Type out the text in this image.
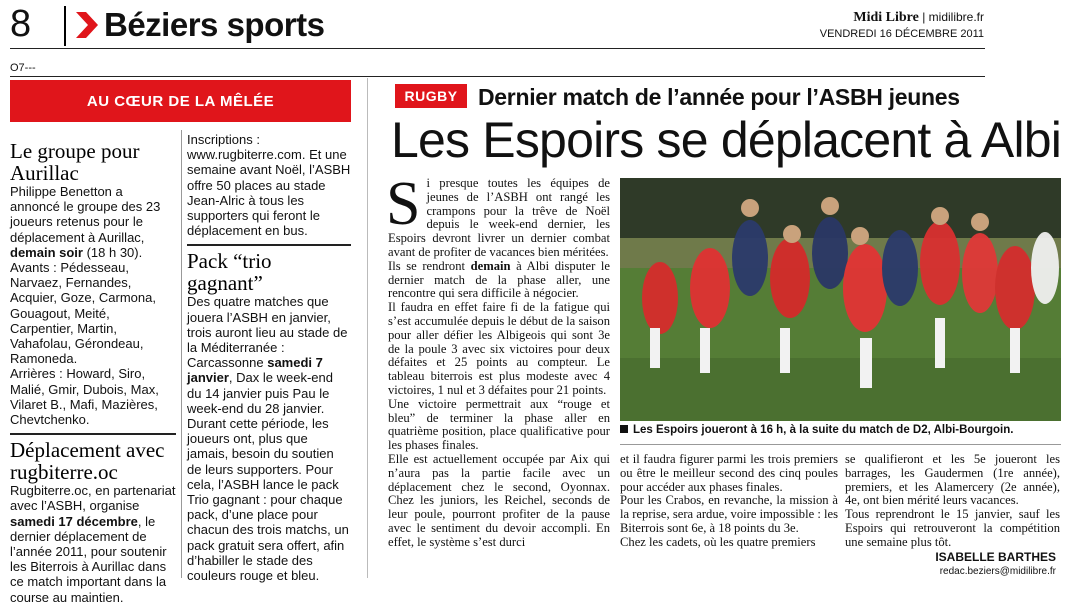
8 Béziers sports	Midi Libre | midilibre.fr
VENDREDI 16 DÉCEMBRE 2011
O7---
AU CŒUR DE LA MÊLÉE
Le groupe pour Aurillac

Philippe Benetton a annoncé le groupe des 23 joueurs retenus pour le déplacement à Aurillac, demain soir (18 h 30). Avants : Pédesseau, Narvaez, Fernandes, Acquier, Goze, Carmona, Gouagout, Meité, Carpentier, Martin, Vahafolau, Gérondeau, Ramoneda.

Arrières : Howard, Siro, Malié, Gmir, Dubois, Max, Vilaret B., Mafi, Mazières, Chevtchenko.

Déplacement avec rugbiterre.oc

Rugbiterre.oc, en partenariat avec l’ASBH, organise samedi 17 décembre, le dernier déplacement de l’année 2011, pour soutenir les Biterrois à Aurillac dans ce match important dans la course au maintien.

Inscriptions : www.rugbiterre.com. Et une semaine avant Noël, l’ASBH offre 50 places au stade Jean-Alric à tous les supporters qui feront le déplacement en bus.

Pack “trio gagnant”

Des quatre matches que jouera l’ASBH en janvier, trois auront lieu au stade de la Méditerranée : Carcassonne samedi 7 janvier, Dax le week-end du 14 janvier puis Pau le week-end du 28 janvier. Durant cette période, les joueurs ont, plus que jamais, besoin du soutien de leurs supporters. Pour cela, l’ASBH lance le pack Trio gagnant : pour chaque pack, d’une place pour chacun des trois matchs, un pack gratuit sera offert, afin d’habiller le stade des couleurs rouge et bleu.

RUGBY Dernier match de l’année pour l’ASBH jeunes
Les Espoirs se déplacent à Albi
S i presque toutes les équipes de jeunes de l’ASBH ont rangé les crampons pour la trêve de Noël depuis le week-end dernier, les Espoirs devront livrer un dernier combat avant de profiter de vacances bien méritées.

Ils se rendront demain à Albi disputer le dernier match de la phase aller, une rencontre qui sera difficile à négocier.

Il faudra en effet faire fi de la fatigue qui s’est accumulée depuis le début de la saison pour aller défier les Albigeois qui sont 3e de la poule 3 avec six victoires pour deux défaites et 25 points au compteur. Le tableau biterrois est plus modeste avec 4 victoires, 1 nul et 3 défaites pour 21 points.

Une victoire permettrait aux “rouge et bleu” de terminer la phase aller en quatrième position, place qualificative pour les phases finales.

Elle est actuellement occupée par Aix qui n’aura pas la partie facile avec un déplacement chez le second, Oyonnax. Chez les juniors, les Reichel, seconds de leur poule, pourront profiter de la pause avec le sentiment du devoir accompli. En effet, le système s’est durci

Les Espoirs joueront à 16 h, à la suite du match de D2, Albi-Bourgoin.

et il faudra figurer parmi les trois premiers ou être le meilleur second des cinq poules pour accéder aux phases finales.

Pour les Crabos, en revanche, la mission à la reprise, sera ardue, voire impossible : les Biterrois sont 6e, à 18 points du 3e.

Chez les cadets, où les quatre premiers

se qualifieront et les 5e joueront les barrages, les Gaudermen (1re année), premiers, et les Alamercery (2e année), 4e, ont bien mérité leurs vacances.

Tous reprendront le 15 janvier, sauf les Espoirs qui retrouveront la compétition une semaine plus tôt.

ISABELLE BARTHES
redac.beziers@midilibre.fr
